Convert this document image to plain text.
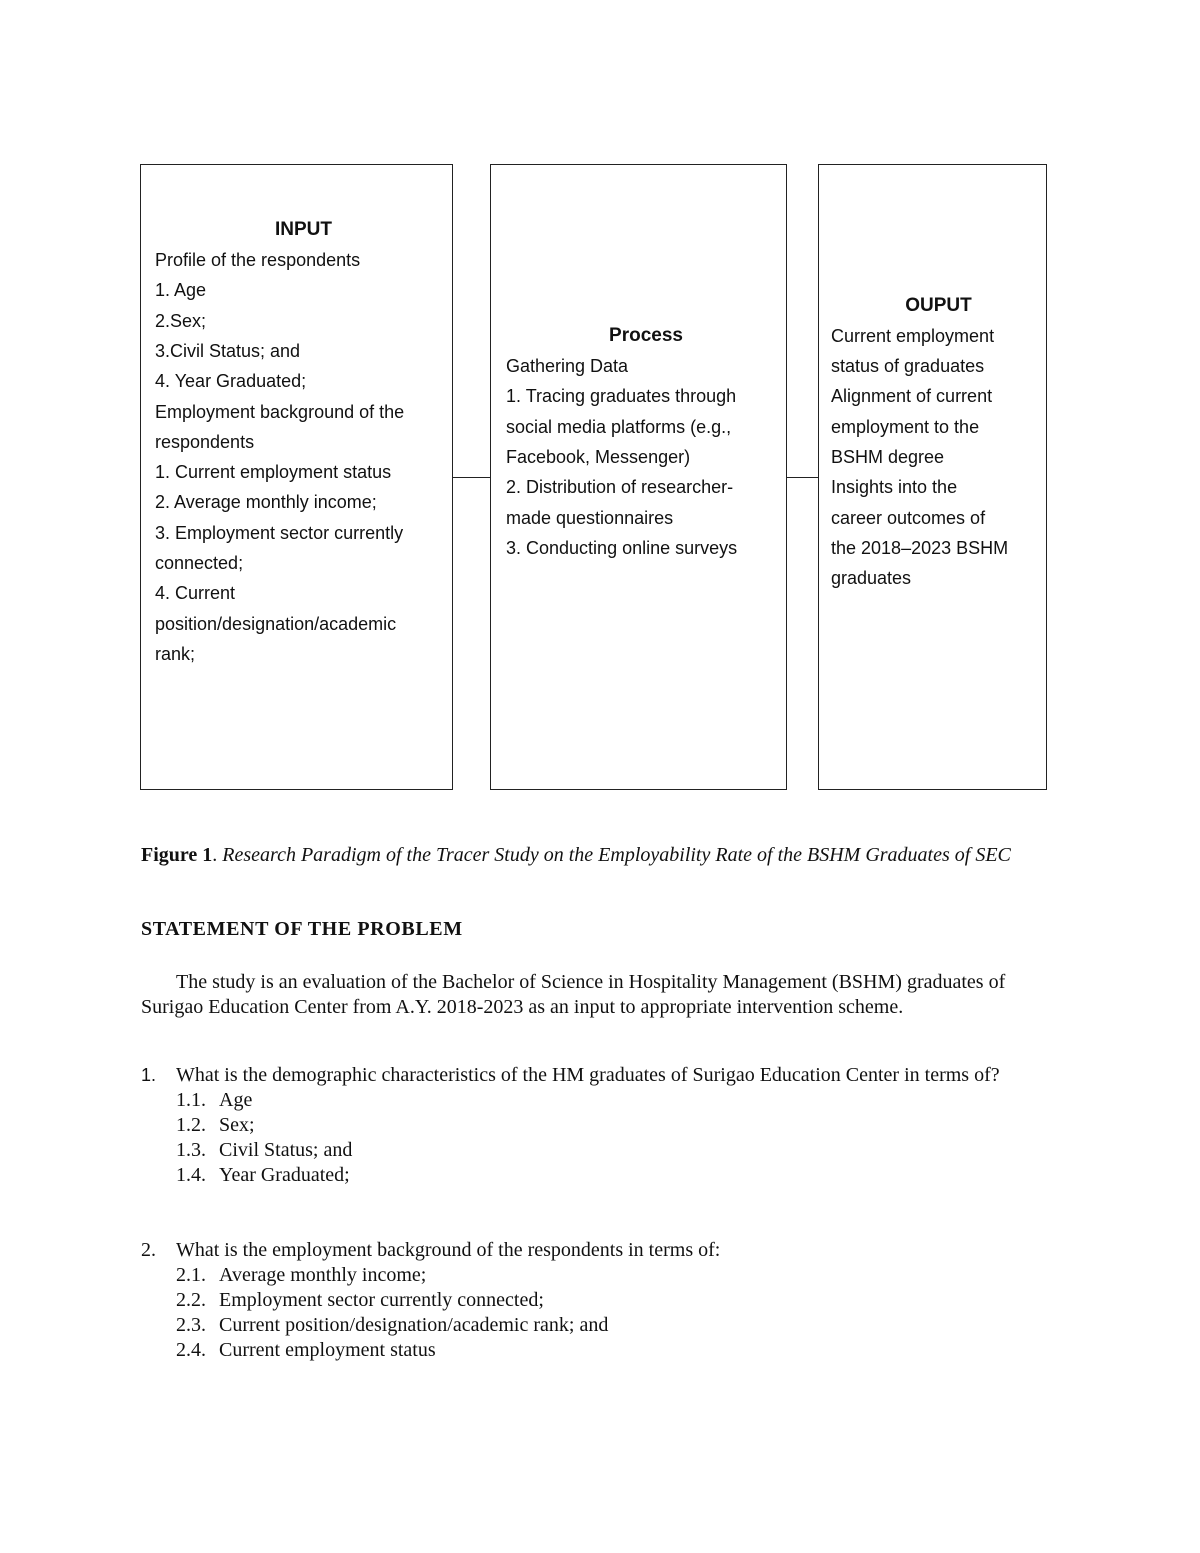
INPUT
Profile of the respondents
1. Age
2.Sex;
3.Civil Status; and
4. Year Graduated;
Employment background of the
respondents
1. Current employment status
2. Average monthly income;
3. Employment sector currently
connected;
4. Current
position/designation/academic
rank;
Process
Gathering Data
1. Tracing graduates through
social media platforms (e.g.,
Facebook, Messenger)
2. Distribution of researcher-
made questionnaires
3. Conducting online surveys
OUPUT
Current employment
status of graduates
Alignment of current
employment to the
BSHM degree
Insights into the
career outcomes of
the 2018–2023 BSHM
graduates
Figure 1. Research Paradigm of the Tracer Study on the Employability Rate of the BSHM Graduates of SEC
STATEMENT OF THE PROBLEM
The study is an evaluation of the Bachelor of Science in Hospitality Management (BSHM) graduates of Surigao Education Center from A.Y. 2018-2023 as an input to appropriate intervention scheme.
1. What is the demographic characteristics of the HM graduates of Surigao Education Center in terms of?
1.1. Age
1.2. Sex;
1.3. Civil Status; and
1.4. Year Graduated;
2. What is the employment background of the respondents in terms of:
2.1. Average monthly income;
2.2. Employment sector currently connected;
2.3. Current position/designation/academic rank; and
2.4. Current employment status
